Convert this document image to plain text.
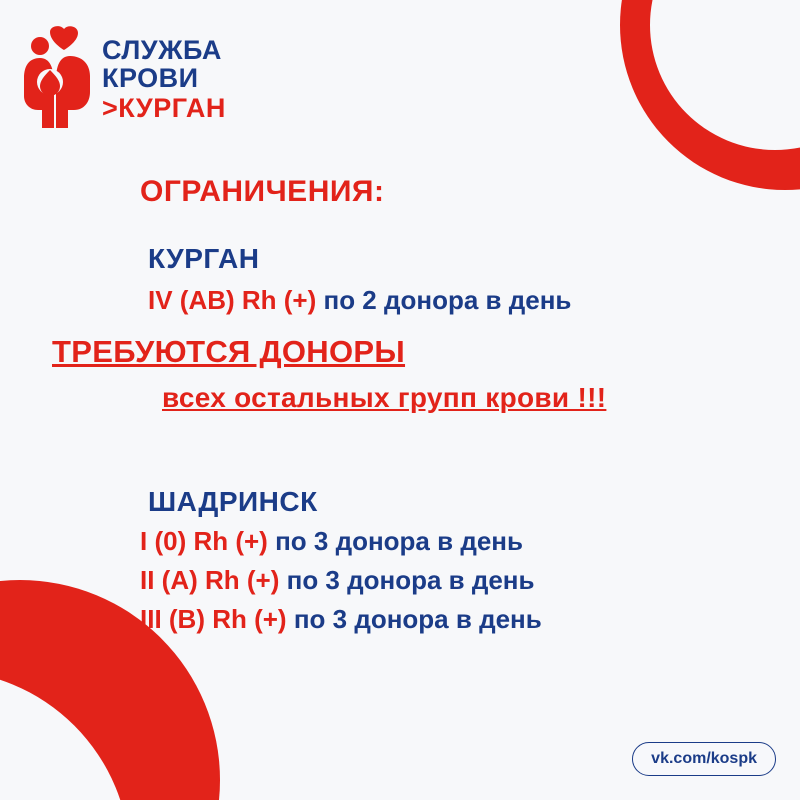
СЛУЖБА
КРОВИ
>КУРГАН
ОГРАНИЧЕНИЯ:
КУРГАН
IV (AB) Rh (+) по 2 донора в день
ТРЕБУЮТСЯ ДОНОРЫ
всех остальных групп крови !!!
ШАДРИНСК
I (0) Rh (+) по 3 донора в день
II (A) Rh (+) по 3 донора в день
III (B) Rh (+) по 3 донора в день
vk.com/kospk
